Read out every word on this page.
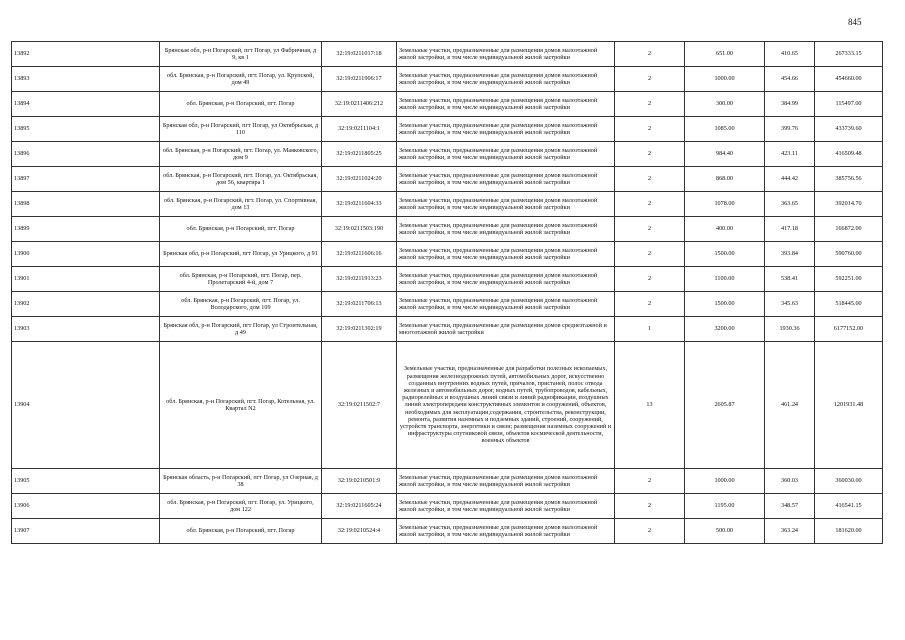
845
13892	Брянская обл, р-н Погарский, пгт Погар, ул Фабричная, д 9, кв 1	32:19:0211017:18	Земельные участки, предназначенные для размещения домов малоэтажной жилой застройки, в том числе индивидуальной жилой застройки	2	651.00	410.65	267333.15
13893	обл. Брянская, р-н Погарский, пгт. Погар, ул. Крупской, дом 49	32:19:0211906:17	Земельные участки, предназначенные для размещения домов малоэтажной жилой застройки, в том числе индивидуальной жилой застройки	2	1000.00	454.66	454660.00
13894	обл. Брянская, р-н Погарский, пгт. Погар	32:19:0211406:212	Земельные участки, предназначенные для размещения домов малоэтажной жилой застройки, в том числе индивидуальной жилой застройки	2	300.00	384.99	115497.00
13895	Брянская обл, р-н Погарский, пгт Погар, ул Октябрьская, д 110	32:19:0211104:1	Земельные участки, предназначенные для размещения домов малоэтажной жилой застройки, в том числе индивидуальной жилой застройки	2	1085.00	399.76	433739.60
13896	обл. Брянская, р-н Погарский, пгт. Погар, ул. Маяковского, дом 9	32:19:0211805:25	Земельные участки, предназначенные для размещения домов малоэтажной жилой застройки, в том числе индивидуальной жилой застройки	2	984.40	423.11	416509.48
13897	обл. Брянская, р-н Погарский, пгт. Погар, ул. Октябрьская, дом 56, квартира 1	32:19:0211024:20	Земельные участки, предназначенные для размещения домов малоэтажной жилой застройки, в том числе индивидуальной жилой застройки	2	868.00	444.42	385756.56
13898	обл. Брянская, р-н Погарский, пгт. Погар, ул. Спортивная, дом 13	32:19:0211604:33	Земельные участки, предназначенные для размещения домов малоэтажной жилой застройки, в том числе индивидуальной жилой застройки	2	1078.00	363.65	392014.70
13899	обл. Брянская, р-н Погарский, пгт. Погар	32:19:0211503:190	Земельные участки, предназначенные для размещения домов малоэтажной жилой застройки, в том числе индивидуальной жилой застройки	2	400.00	417.18	166872.00
13900	Брянская обл, р-н Погарский, пгт Погар, ул Урицкого, д 91	32:19:0211606:16	Земельные участки, предназначенные для размещения домов малоэтажной жилой застройки, в том числе индивидуальной жилой застройки	2	1500.00	393.84	590760.00
13901	обл. Брянская, р-н Погарский, пгт. Погар, пер. Пролетарский 4-й, дом 7	32:19:0211913:23	Земельные участки, предназначенные для размещения домов малоэтажной жилой застройки, в том числе индивидуальной жилой застройки	2	1100.00	538.41	592251.00
13902	обл. Брянская, р-н Погарский, пгт. Погар, ул. Володарского, дом 109	32:19:0211706:13	Земельные участки, предназначенные для размещения домов малоэтажной жилой застройки, в том числе индивидуальной жилой застройки	2	1500.00	345.63	518445.00
13903	Брянская обл, р-н Погарский, пгт Погар, ул Строительная, д 49	32:19:0211302:19	Земельные участки, предназначенные для размещения домов среднеэтажной и многоэтажной жилой застройки	1	3200.00	1930.36	6177152.00
13904	обл. Брянская, р-н Погарский, пгт. Погар, Котельная, ул. Квартал N2	32:19:0211502:7	Земельные участки, предназначенные для разработки полезных ископаемых, размещения железнодорожных путей, автомобильных дорог, искусственно созданных внутренних водных путей, причалов, пристаней, полос отвода железных и автомобильных дорог, водных путей, трубопроводов, кабельных, радиорелейных и воздушных линий связи и линий радиофикации, воздушных линий электропередачи конструктивных элементов и сооружений, объектов, необходимых для эксплуатации,содержания, строительства, реконструкции, ремонта, развития наземных и подземных зданий, строений, сооружений, устройств транспорта, энергетики и связи; размещения наземных сооружений и инфраструктуры спутниковой связи, объектов космической деятельности, военных объектов	13	2605.87	461.24	1201931.48
13905	Брянская область, р-н Погарский, пгт Погар, ул Озерная, д 38	32:19:0210501:9	Земельные участки, предназначенные для размещения домов малоэтажной жилой застройки, в том числе индивидуальной жилой застройки	2	1000.00	360.03	360030.00
13906	обл. Брянская, р-н Погарский, пгт. Погар, ул. Урицкого, дом 122	32:19:0211605:24	Земельные участки, предназначенные для размещения домов малоэтажной жилой застройки, в том числе индивидуальной жилой застройки	2	1195.00	348.57	416541.15
13907	обл. Брянская, р-н Погарский, пгт. Погар	32:19:0210524:4	Земельные участки, предназначенные для размещения домов малоэтажной жилой застройки, в том числе индивидуальной жилой застройки	2	500.00	363.24	181620.00
